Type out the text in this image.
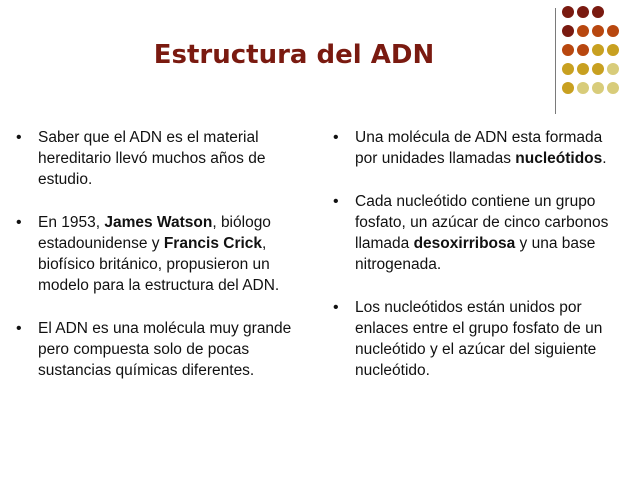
Estructura del ADN
• Saber que el ADN es el material hereditario llevó muchos años de estudio.
• En 1953, James Watson, biólogo estadounidense y Francis Crick, biofísico británico, propusieron un modelo para la estructura del ADN.
• El ADN es una molécula muy grande pero compuesta solo de pocas sustancias químicas diferentes.
• Una molécula de ADN esta formada por unidades llamadas nucleótidos.
• Cada nucleótido contiene un grupo fosfato, un azúcar de cinco carbonos llamada desoxirribosa y una base nitrogenada.
• Los nucleótidos están unidos por enlaces entre el grupo fosfato de un nucleótido y el azúcar del siguiente nucleótido.
